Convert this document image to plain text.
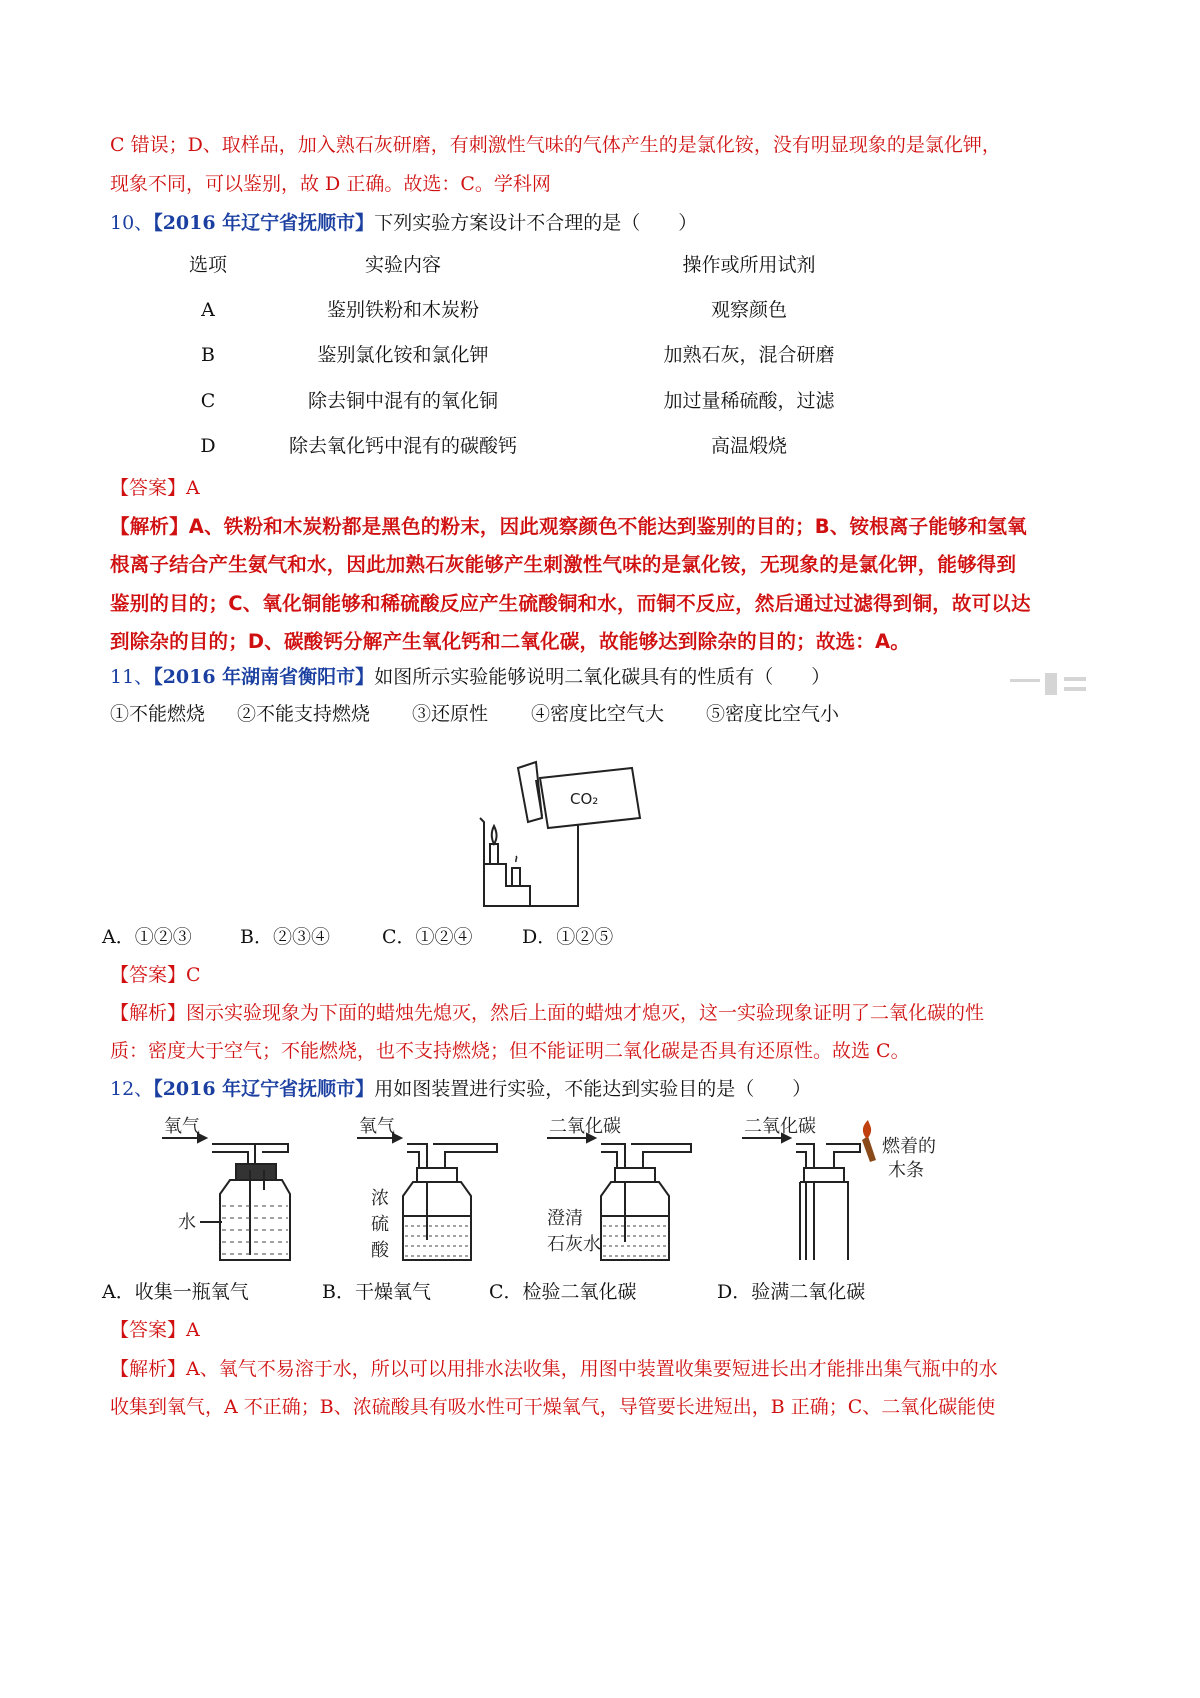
C 错误；D、取样品，加入熟石灰研磨，有刺激性气味的气体产生的是氯化铵，没有明显现象的是氯化钾，
现象不同，可以鉴别，故 D 正确。故选：C。学科网
10、【2016 年辽宁省抚顺市】下列实验方案设计不合理的是（　　）
选项	实验内容	操作或所用试剂
A	鉴别铁粉和木炭粉	观察颜色
B	鉴别氯化铵和氯化钾	加熟石灰，混合研磨
C	除去铜中混有的氧化铜	加过量稀硫酸，过滤
D	除去氧化钙中混有的碳酸钙	高温煅烧
【答案】A
【解析】A、铁粉和木炭粉都是黑色的粉末，因此观察颜色不能达到鉴别的目的；B、铵根离子能够和氢氧
根离子结合产生氨气和水，因此加熟石灰能够产生刺激性气味的是氯化铵，无现象的是氯化钾，能够得到
鉴别的目的；C、氧化铜能够和稀硫酸反应产生硫酸铜和水，而铜不反应，然后通过过滤得到铜，故可以达
到除杂的目的；D、碳酸钙分解产生氧化钙和二氧化碳，故能够达到除杂的目的；故选：A。
11、【2016 年湖南省衡阳市】如图所示实验能够说明二氧化碳具有的性质有（　　）
①不能燃烧 ②不能支持燃烧 ③还原性 ④密度比空气大 ⑤密度比空气小
CO₂
A．①②③	B．②③④	C．①②④	D．①②⑤
【答案】C
【解析】图示实验现象为下面的蜡烛先熄灭，然后上面的蜡烛才熄灭，这一实验现象证明了二氧化碳的性
质：密度大于空气；不能燃烧，也不支持燃烧；但不能证明二氧化碳是否具有还原性。故选 C。
12、【2016 年辽宁省抚顺市】用如图装置进行实验，不能达到实验目的是（　　）
氧气
水
氧气
浓
硫
酸
二氧化碳
澄清
石灰水
二氧化碳
燃着的
木条
A．收集一瓶氧气	B．干燥氧气	C．检验二氧化碳	D．验满二氧化碳
【答案】A
【解析】A、氧气不易溶于水，所以可以用排水法收集，用图中装置收集要短进长出才能排出集气瓶中的水
收集到氧气，A 不正确；B、浓硫酸具有吸水性可干燥氧气，导管要长进短出，B 正确；C、二氧化碳能使
